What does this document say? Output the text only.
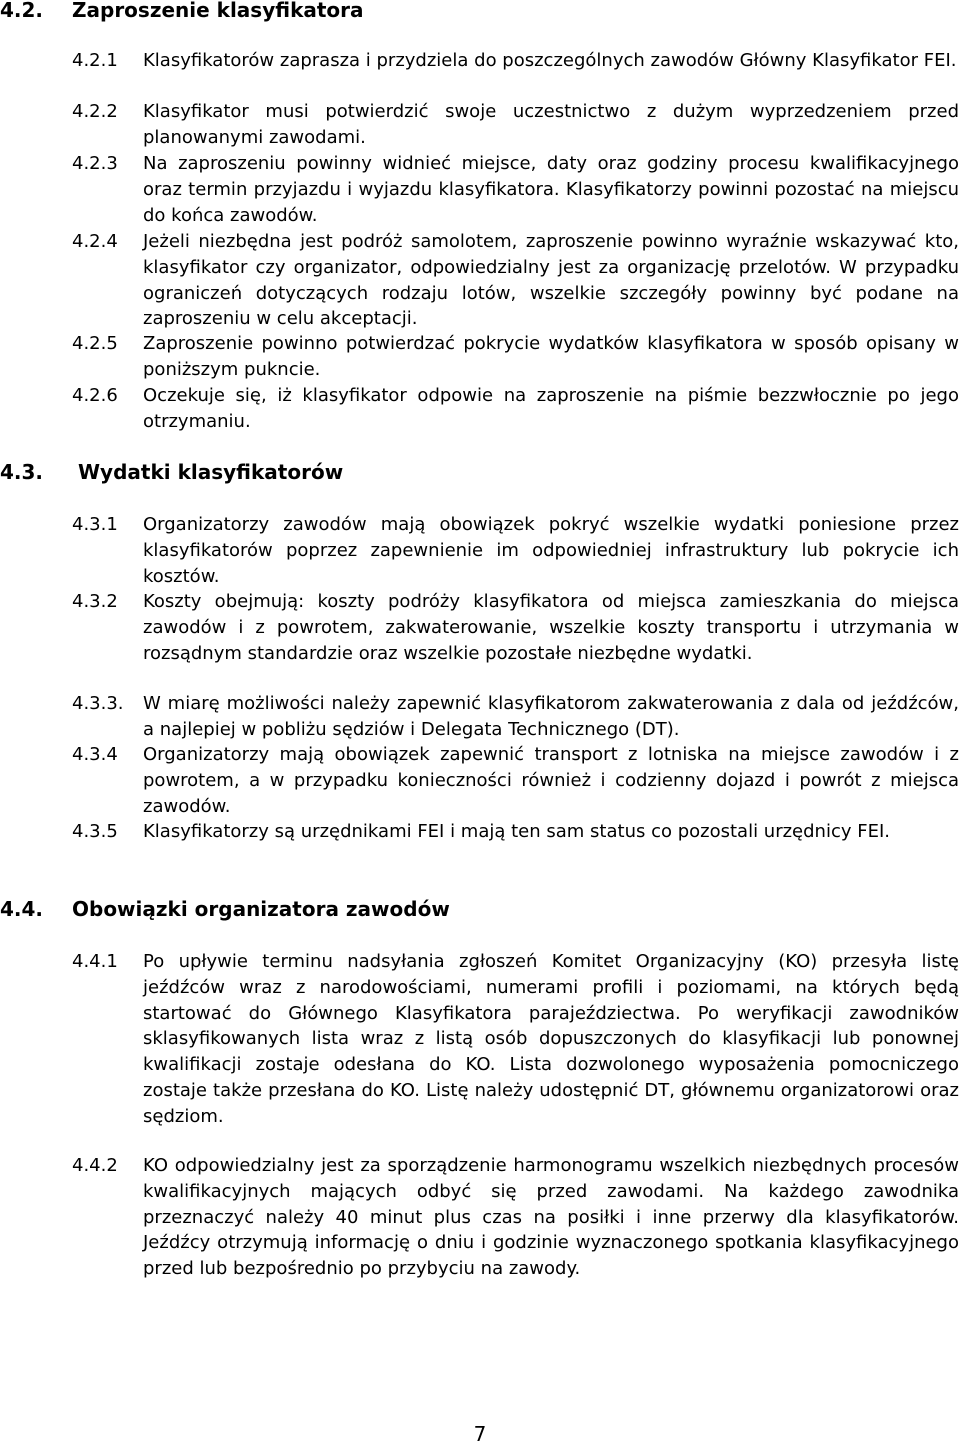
4.2. Zaproszenie klasyfikatora
4.2.1 Klasyfikatorów zaprasza i przydziela do poszczególnych zawodów Główny Klasyfikator FEI.
4.2.2 Klasyfikator musi potwierdzić swoje uczestnictwo z dużym wyprzedzeniem przed planowanymi zawodami.
4.2.3 Na zaproszeniu powinny widnieć miejsce, daty oraz godziny procesu kwalifikacyjnego oraz termin przyjazdu i wyjazdu klasyfikatora. Klasyfikatorzy powinni pozostać na miejscu do końca zawodów.
4.2.4 Jeżeli niezbędna jest podróż samolotem, zaproszenie powinno wyraźnie wskazywać kto, klasyfikator czy organizator, odpowiedzialny jest za organizację przelotów. W przypadku ograniczeń dotyczących rodzaju lotów, wszelkie szczegóły powinny być podane na zaproszeniu w celu akceptacji.
4.2.5 Zaproszenie powinno potwierdzać pokrycie wydatków klasyfikatora w sposób opisany w poniższym pukncie.
4.2.6 Oczekuje się, iż klasyfikator odpowie na zaproszenie na piśmie bezzwłocznie po jego otrzymaniu.
4.3. Wydatki klasyfikatorów
4.3.1 Organizatorzy zawodów mają obowiązek pokryć wszelkie wydatki poniesione przez klasyfikatorów poprzez zapewnienie im odpowiedniej infrastruktury lub pokrycie ich kosztów.
4.3.2 Koszty obejmują: koszty podróży klasyfikatora od miejsca zamieszkania do miejsca zawodów i z powrotem, zakwaterowanie, wszelkie koszty transportu i utrzymania w rozsądnym standardzie oraz wszelkie pozostałe niezbędne wydatki.
4.3.3. W miarę możliwości należy zapewnić klasyfikatorom zakwaterowania z dala od jeźdźców, a najlepiej w pobliżu sędziów i Delegata Technicznego (DT).
4.3.4 Organizatorzy mają obowiązek zapewnić transport z lotniska na miejsce zawodów i z powrotem, a w przypadku konieczności również i codzienny dojazd i powrót z miejsca zawodów.
4.3.5 Klasyfikatorzy są urzędnikami FEI i mają ten sam status co pozostali urzędnicy FEI.
4.4. Obowiązki organizatora zawodów
4.4.1 Po upływie terminu nadsyłania zgłoszeń Komitet Organizacyjny (KO) przesyła listę jeźdźców wraz z narodowościami, numerami profili i poziomami, na których będą startować do Głównego Klasyfikatora parajeździectwa. Po weryfikacji zawodników sklasyfikowanych lista wraz z listą osób dopuszczonych do klasyfikacji lub ponownej kwalifikacji zostaje odesłana do KO. Lista dozwolonego wyposażenia pomocniczego zostaje także przesłana do KO. Listę należy udostępnić DT, głównemu organizatorowi oraz sędziom.
4.4.2 KO odpowiedzialny jest za sporządzenie harmonogramu wszelkich niezbędnych procesów kwalifikacyjnych mających odbyć się przed zawodami. Na każdego zawodnika przeznaczyć należy 40 minut plus czas na posiłki i inne przerwy dla klasyfikatorów. Jeźdźcy otrzymują informację o dniu i godzinie wyznaczonego spotkania klasyfikacyjnego przed lub bezpośrednio po przybyciu na zawody.
7
